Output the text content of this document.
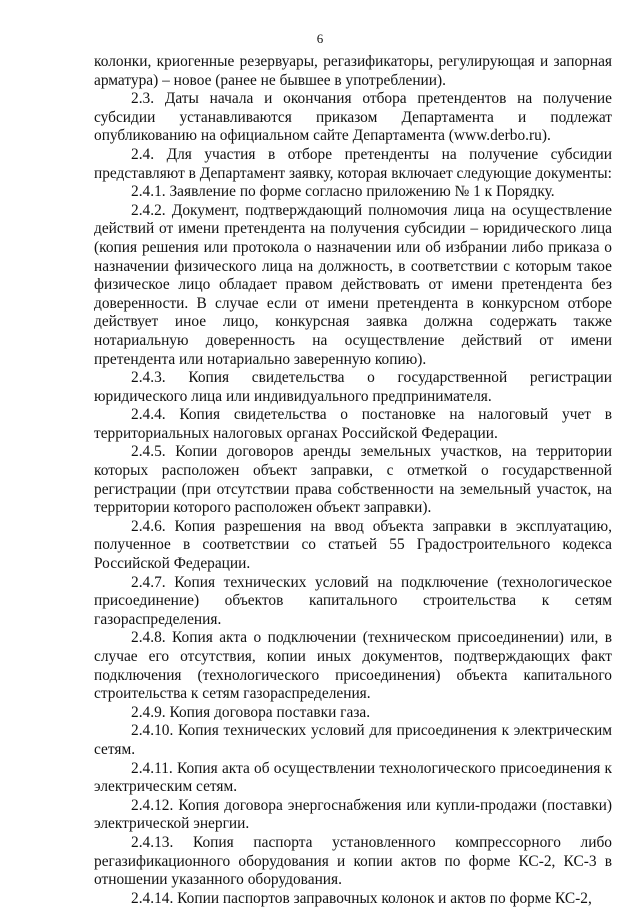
6

колонки, криогенные резервуары, регазификаторы, регулирующая и запорная арматура) – новое (ранее не бывшее в употреблении).

2.3. Даты начала и окончания отбора претендентов на получение субсидии устанавливаются приказом Департамента и подлежат опубликованию на официальном сайте Департамента (www.derbo.ru).

2.4. Для участия в отборе претенденты на получение субсидии представляют в Департамент заявку, которая включает следующие документы:

2.4.1. Заявление по форме согласно приложению № 1 к Порядку.

2.4.2. Документ, подтверждающий полномочия лица на осуществление действий от имени претендента на получения субсидии – юридического лица (копия решения или протокола о назначении или об избрании либо приказа о назначении физического лица на должность, в соответствии с которым такое физическое лицо обладает правом действовать от имени претендента без доверенности. В случае если от имени претендента в конкурсном отборе действует иное лицо, конкурсная заявка должна содержать также нотариальную доверенность на осуществление действий от имени претендента или нотариально заверенную копию).

2.4.3. Копия свидетельства о государственной регистрации юридического лица или индивидуального предпринимателя.

2.4.4. Копия свидетельства о постановке на налоговый учет в территориальных налоговых органах Российской Федерации.

2.4.5. Копии договоров аренды земельных участков, на территории которых расположен объект заправки, с отметкой о государственной регистрации (при отсутствии права собственности на земельный участок, на территории которого расположен объект заправки).

2.4.6. Копия разрешения на ввод объекта заправки в эксплуатацию, полученное в соответствии со статьей 55 Градостроительного кодекса Российской Федерации.

2.4.7. Копия технических условий на подключение (технологическое присоединение) объектов капитального строительства к сетям газораспределения.

2.4.8. Копия акта о подключении (техническом присоединении) или, в случае его отсутствия, копии иных документов, подтверждающих факт подключения (технологического присоединения) объекта капитального строительства к сетям газораспределения.

2.4.9. Копия договора поставки газа.

2.4.10. Копия технических условий для присоединения к электрическим сетям.

2.4.11. Копия акта об осуществлении технологического присоединения к электрическим сетям.

2.4.12. Копия договора энергоснабжения или купли-продажи (поставки) электрической энергии.

2.4.13. Копия паспорта установленного компрессорного либо регазификационного оборудования и копии актов по форме КС-2, КС-3 в отношении указанного оборудования.

2.4.14. Копии паспортов заправочных колонок и актов по форме КС-2,
